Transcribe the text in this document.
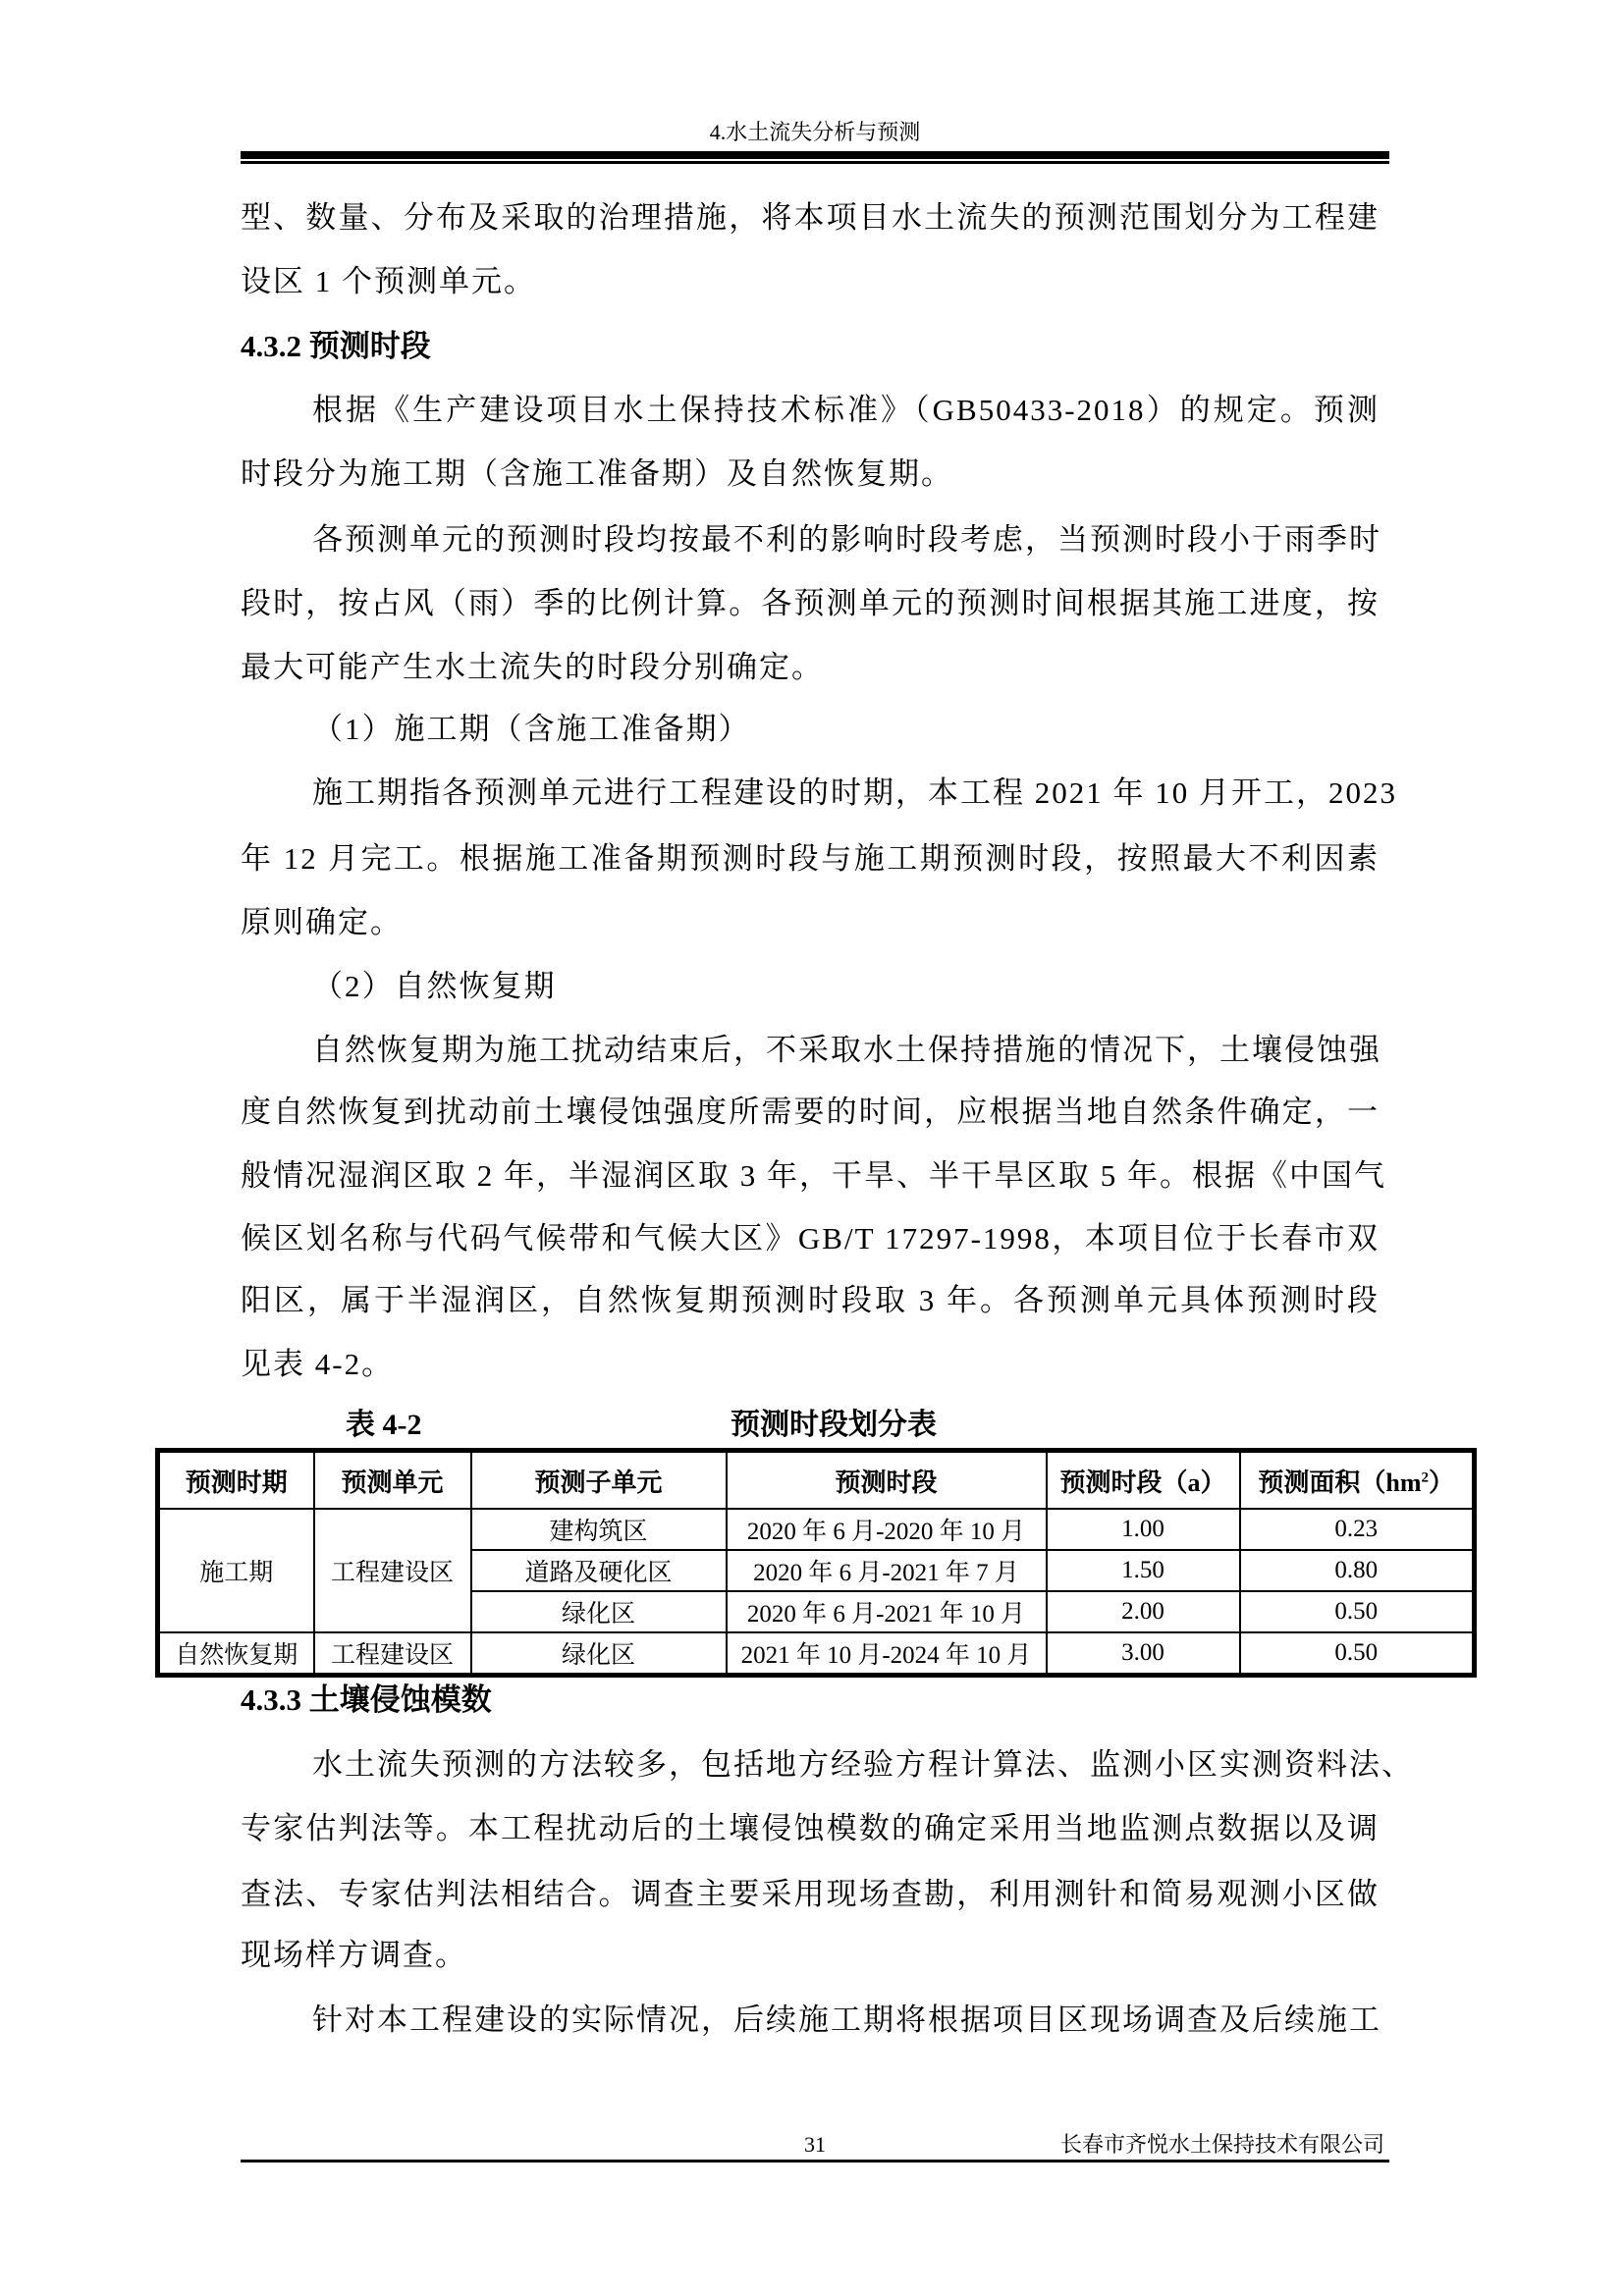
4.水土流失分析与预测
型、数量、分布及采取的治理措施，将本项目水土流失的预测范围划分为工程建
设区 1 个预测单元。
4.3.2 预测时段
根据《生产建设项目水土保持技术标准》（GB50433-2018）的规定。预测
时段分为施工期（含施工准备期）及自然恢复期。
各预测单元的预测时段均按最不利的影响时段考虑，当预测时段小于雨季时
段时，按占风（雨）季的比例计算。各预测单元的预测时间根据其施工进度，按
最大可能产生水土流失的时段分别确定。
（1）施工期（含施工准备期）
施工期指各预测单元进行工程建设的时期，本工程 2021 年 10 月开工，2023
年 12 月完工。根据施工准备期预测时段与施工期预测时段，按照最大不利因素
原则确定。
（2）自然恢复期
自然恢复期为施工扰动结束后，不采取水土保持措施的情况下，土壤侵蚀强
度自然恢复到扰动前土壤侵蚀强度所需要的时间，应根据当地自然条件确定，一
般情况湿润区取 2 年，半湿润区取 3 年，干旱、半干旱区取 5 年。根据《中国气
候区划名称与代码气候带和气候大区》GB/T 17297-1998，本项目位于长春市双
阳区，属于半湿润区，自然恢复期预测时段取 3 年。各预测单元具体预测时段
见表 4-2。
表 4-2	预测时段划分表
预测时期	预测单元	预测子单元	预测时段	预测时段（a）	预测面积$(hm^2)$
施工期	工程建设区	建构筑区	2020 年 6 月-2020 年 10 月	1.00	0.23
		道路及硬化区	2020 年 6 月-2021 年 7 月	1.50	0.80
		绿化区	2020 年 6 月-2021 年 10 月	2.00	0.50
自然恢复期	工程建设区	绿化区	2021 年 10 月-2024 年 10 月	3.00	0.50
4.3.3 土壤侵蚀模数
水土流失预测的方法较多，包括地方经验方程计算法、监测小区实测资料法、
专家估判法等。本工程扰动后的土壤侵蚀模数的确定采用当地监测点数据以及调
查法、专家估判法相结合。调查主要采用现场查勘，利用测针和简易观测小区做
现场样方调查。
针对本工程建设的实际情况，后续施工期将根据项目区现场调查及后续施工
31	长春市齐悦水土保持技术有限公司
